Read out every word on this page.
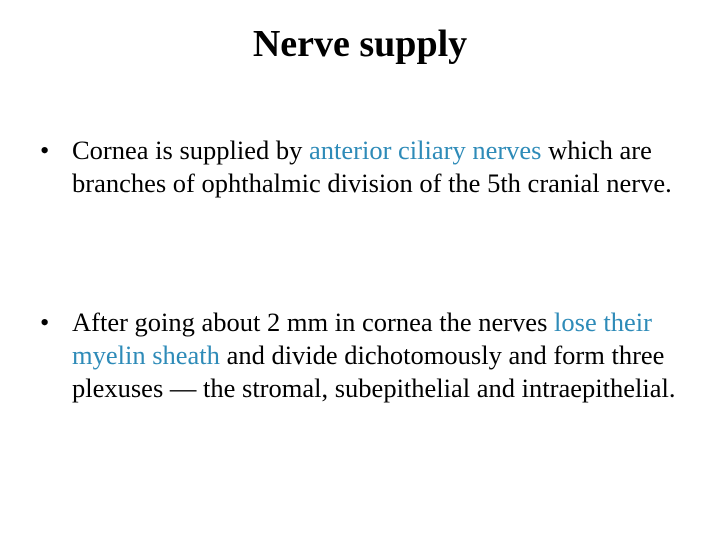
Nerve supply
• Cornea is supplied by anterior ciliary nerves which are branches of ophthalmic division of the 5th cranial nerve.
• After going about 2 mm in cornea the nerves lose their myelin sheath and divide dichotomously and form three plexuses — the stromal, subepithelial and intraepithelial.
